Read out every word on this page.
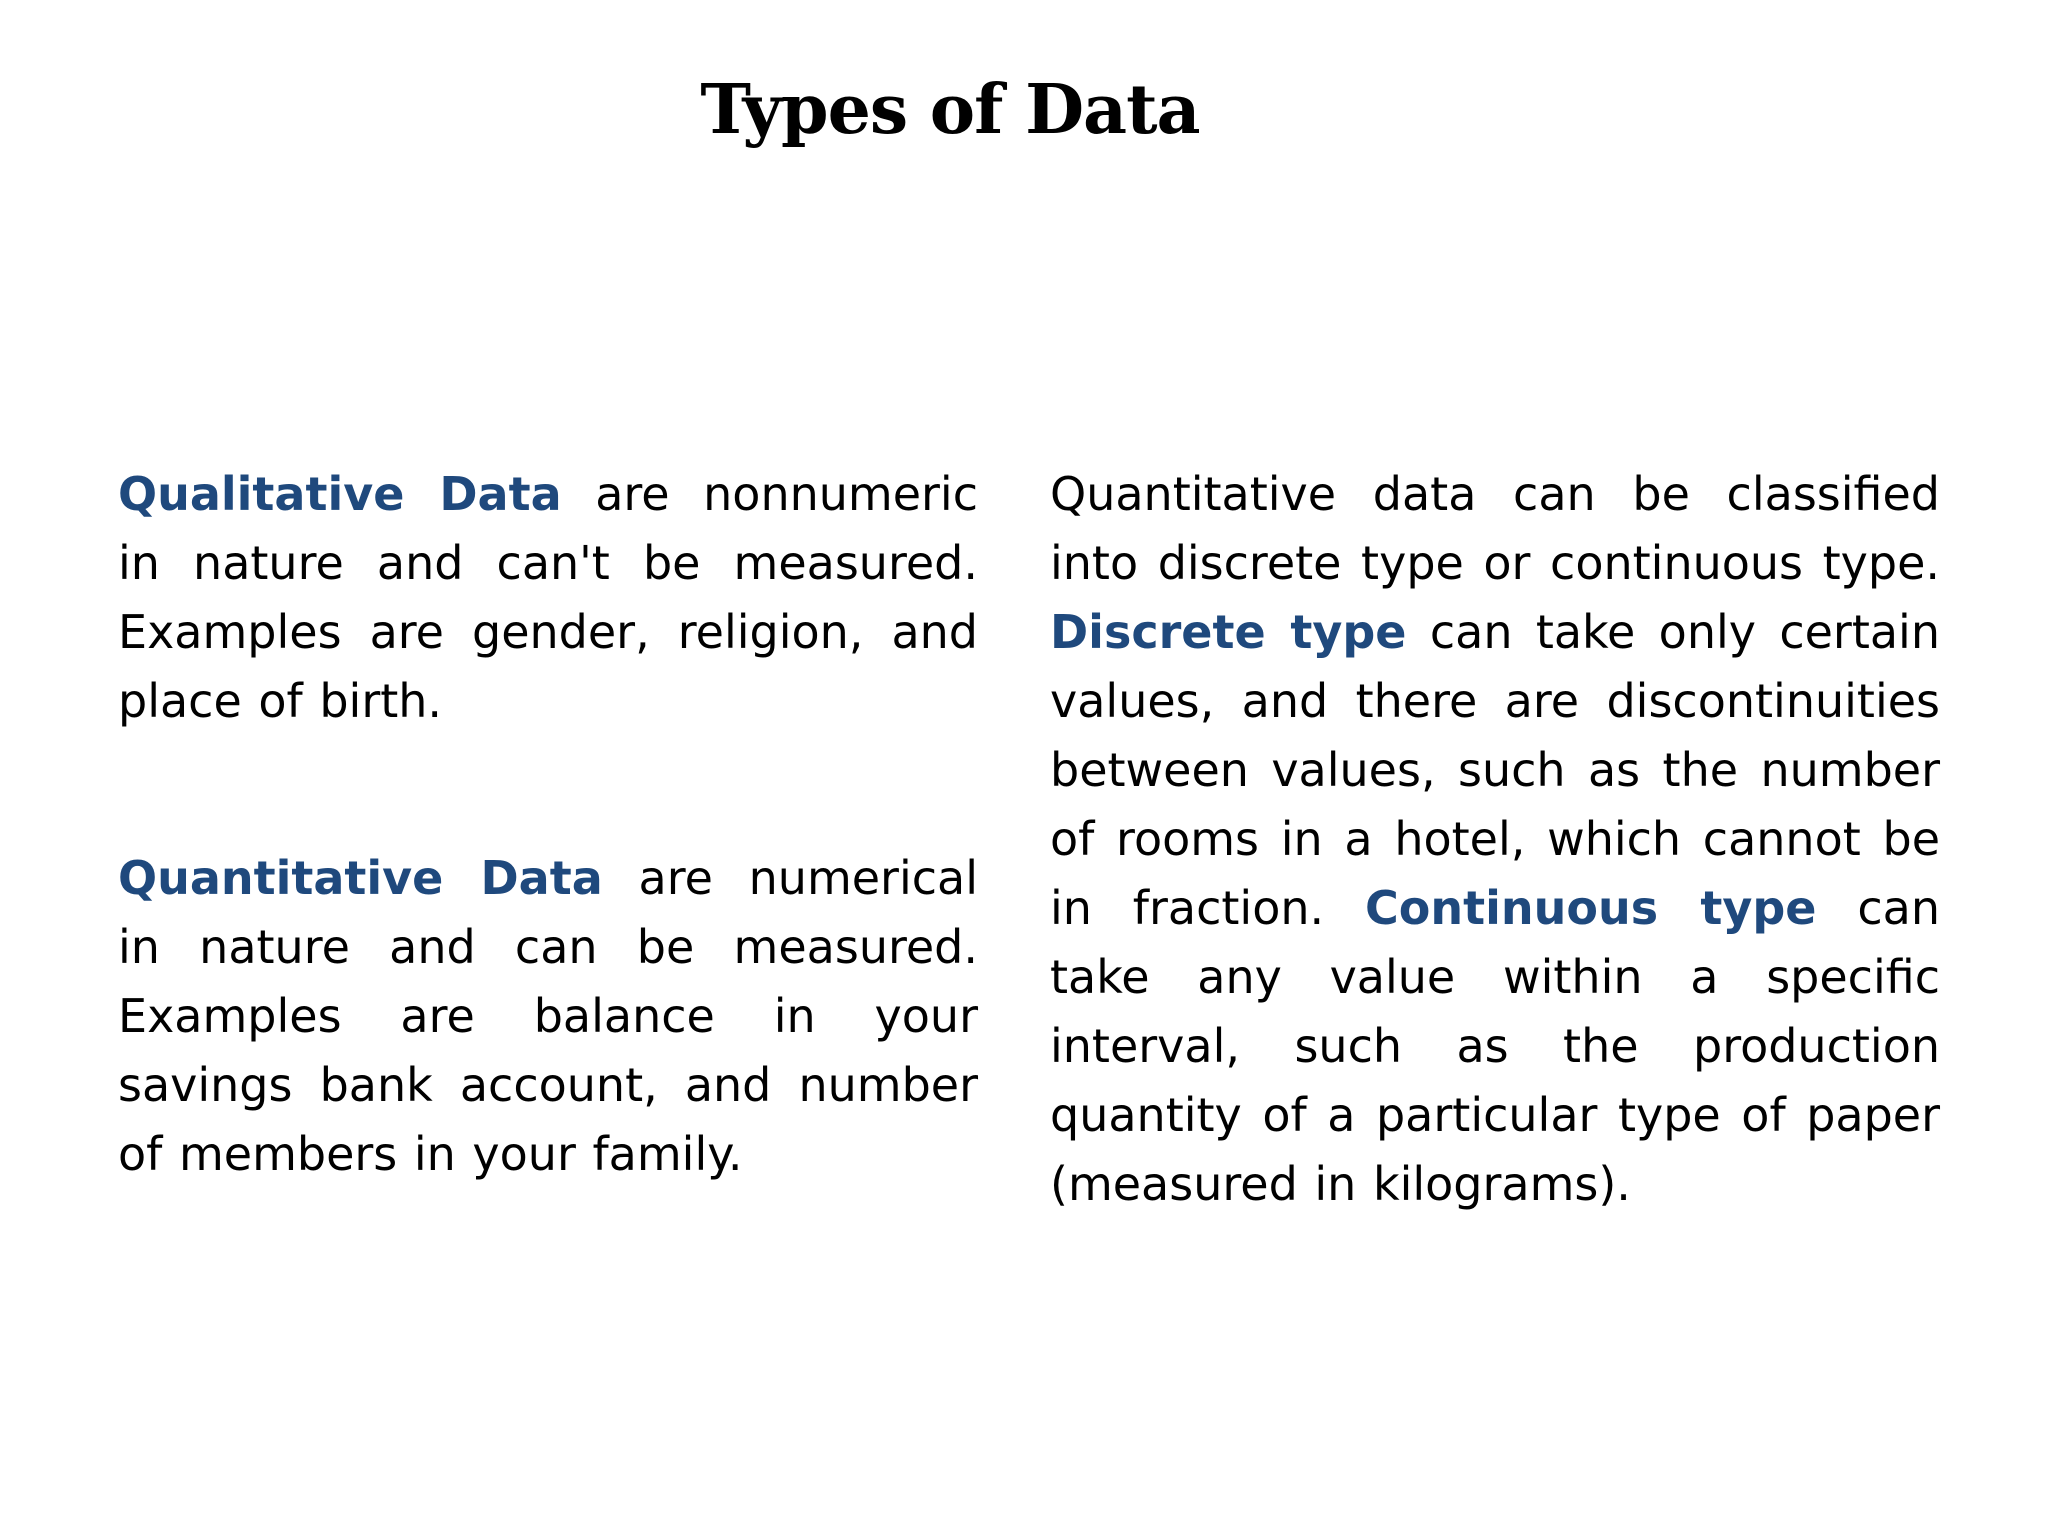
Types of Data

Qualitative Data are nonnumeric in nature and can't be measured. Examples are gender, religion, and place of birth.

Quantitative Data are numerical in nature and can be measured. Examples are balance in your savings bank account, and number of members in your family.

Quantitative data can be classified into discrete type or continuous type. Discrete type can take only certain values, and there are discontinuities between values, such as the number of rooms in a hotel, which cannot be in fraction. Continuous type can take any value within a specific interval, such as the production quantity of a particular type of paper (measured in kilograms).
